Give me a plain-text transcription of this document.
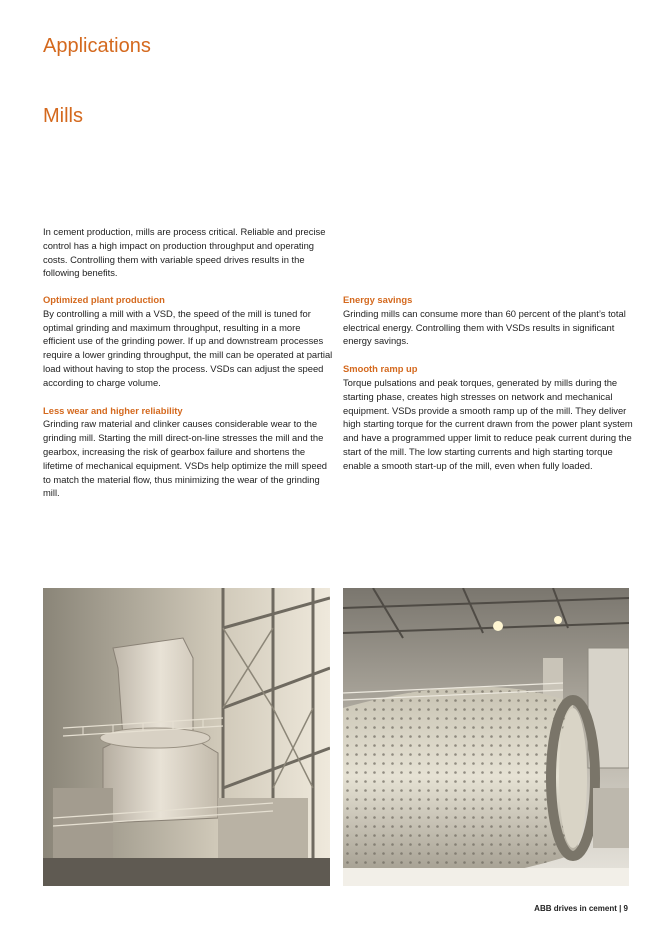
Applications
Mills

In cement production, mills are process critical. Reliable and precise control has a high impact on production throughput and operating costs. Controlling them with variable speed drives results in the following benefits.

Optimized plant production

By controlling a mill with a VSD, the speed of the mill is tuned for optimal grinding and maximum throughput, resulting in a more efficient use of the grinding power. If up and downstream processes require a lower grinding throughput, the mill can be operated at partial load without having to stop the process. VSDs can adjust the speed according to charge volume.

Less wear and higher reliability

Grinding raw material and clinker causes considerable wear to the grinding mill. Starting the mill direct-on-line stresses the mill and the gearbox, increasing the risk of gearbox failure and shortens the lifetime of mechanical equipment. VSDs help optimize the mill speed to match the material flow, thus minimizing the wear of the grinding mill.

Energy savings

Grinding mills can consume more than 60 percent of the plant’s total electrical energy. Controlling them with VSDs results in significant energy savings.

Smooth ramp up

Torque pulsations and peak torques, generated by mills during the starting phase, creates high stresses on network and mechanical equipment. VSDs provide a smooth ramp up of the mill. They deliver high starting torque for the current drawn from the power plant system and have a programmed upper limit to reduce peak current during the start of the mill. The low starting currents and high starting torque enable a smooth start-up of the mill, even when fully loaded.

ABB drives in cement | 9
